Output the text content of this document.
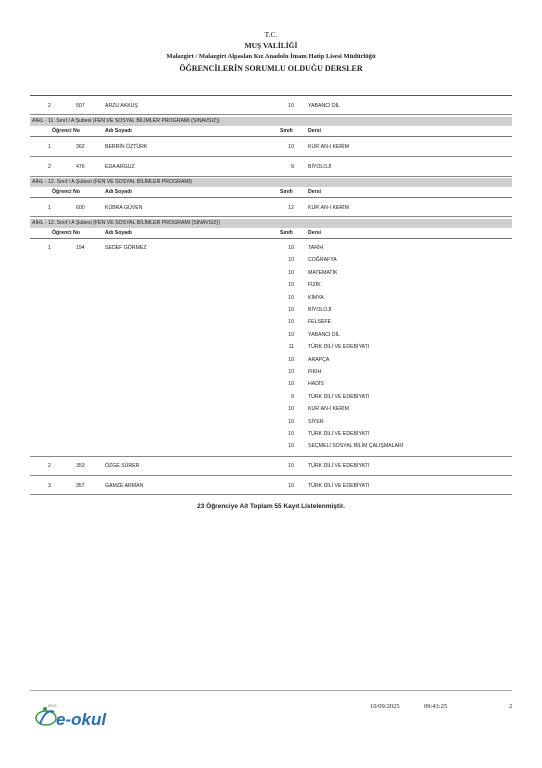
T.C.
MUŞ VALİLİĞİ
Malazgirt / Malazgirt Alpaslan Kız Anadolu İmam Hatip Lisesi Müdürlüğü
ÖĞRENCİLERİN SORUMLU OLDUĞU DERSLER
2	507	ARZU AKKUŞ	10	YABANCI DİL
AİHL - 11. Sınıf / A Şubesi (FEN VE SOSYAL BİLİMLER PROGRAMI (SINAVSIZ))
Öğrenci No	Adı Soyadı	Sınıfı	Dersi
1	362	BERRİN ÖZTÜRK	10	KUR`AN-I KERİM
2	476	EDA ARGUZ	9	BİYOLOJİ
AİHL - 12. Sınıf / A Şubesi (FEN VE SOSYAL BİLİMLER PROGRAMI)
Öğrenci No	Adı Soyadı	Sınıfı	Dersi
1	600	KÜBRA GÜVEN	12	KUR`AN-I KERİM
AİHL - 12. Sınıf / A Şubesi (FEN VE SOSYAL BİLİMLER PROGRAMI (SINAVSIZ))
Öğrenci No	Adı Soyadı	Sınıfı	Dersi
1	194	SEDEF GÖRMEZ	10	TARİH
10	COĞRAFYA
10	MATEMATİK
10	FİZİK
10	KİMYA
10	BİYOLOJİ
10	FELSEFE
10	YABANCI DİL
11	TÜRK DİLİ VE EDEBİYATI
10	ARAPÇA
10	FIKIH
10	HADİS
9	TÜRK DİLİ VE EDEBİYATI
10	KUR`AN-I KERİM
10	SİYER
10	TÜRK DİLİ VE EDEBİYATI
10	SEÇMELİ SOSYAL BİLİM ÇALIŞMALARI
2	353	ÖZGE SÜRER	10	TÜRK DİLİ VE EDEBİYATI
3	357	GAMZE ARMAN	10	TÜRK DİLİ VE EDEBİYATI
23 Öğrenciye Ait Toplam 55 Kayıt Listelenmiştir.
MEB
e-okul
10/09/2025	09:43:25	2
